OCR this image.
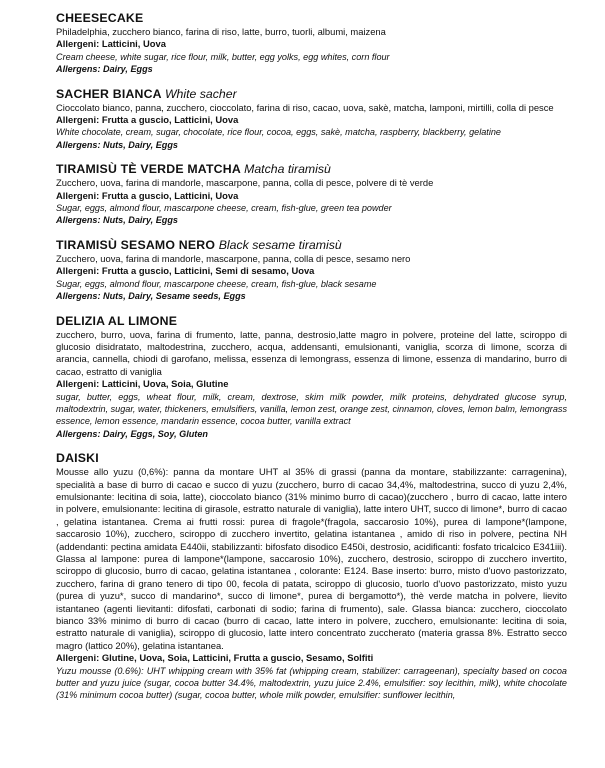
CHEESECAKE

Philadelphia, zucchero bianco, farina di riso, latte, burro, tuorli, albumi, maizena

Allergeni: Latticini, Uova

Cream cheese, white sugar, rice flour, milk, butter, egg yolks, egg whites, corn flour

Allergens: Dairy, Eggs

SACHER BIANCA White sacher

Cioccolato bianco, panna, zucchero, cioccolato, farina di riso, cacao, uova, sakè, matcha, lamponi, mirtilli, colla di pesce

Allergeni: Frutta a guscio, Latticini, Uova

White chocolate, cream, sugar, chocolate, rice flour, cocoa, eggs, sakè, matcha, raspberry, blackberry, gelatine

Allergens: Nuts, Dairy, Eggs

TIRAMISÙ TÈ VERDE MATCHA Matcha tiramisù

Zucchero, uova, farina di mandorle, mascarpone, panna, colla di pesce, polvere di tè verde

Allergeni: Frutta a guscio, Latticini, Uova

Sugar, eggs, almond flour, mascarpone cheese, cream, fish-glue, green tea powder

Allergens: Nuts, Dairy, Eggs

TIRAMISÙ SESAMO NERO Black sesame tiramisù

Zucchero, uova, farina di mandorle, mascarpone, panna, colla di pesce, sesamo nero

Allergeni: Frutta a guscio, Latticini, Semi di sesamo, Uova

Sugar, eggs, almond flour, mascarpone cheese, cream, fish-glue, black sesame

Allergens: Nuts, Dairy, Sesame seeds, Eggs

DELIZIA AL LIMONE

zucchero, burro, uova, farina di frumento, latte, panna, destrosio,latte magro in polvere, proteine del latte, sciroppo di glucosio disidratato, maltodestrina, zucchero, acqua, addensanti, emulsionanti, vaniglia, scorza di limone, scorza di arancia, cannella, chiodi di garofano, melissa, essenza di lemongrass, essenza di limone, essenza di mandarino, burro di cacao, estratto di vaniglia

Allergeni: Latticini, Uova, Soia, Glutine

sugar, butter, eggs, wheat flour, milk, cream, dextrose, skim milk powder, milk proteins, dehydrated glucose syrup, maltodextrin, sugar, water, thickeners, emulsifiers, vanilla, lemon zest, orange zest, cinnamon, cloves, lemon balm, lemongrass essence, lemon essence, mandarin essence, cocoa butter, vanilla extract

Allergens: Dairy, Eggs, Soy, Gluten

DAISKI

Mousse allo yuzu (0,6%): panna da montare UHT al 35% di grassi (panna da montare, stabilizzante: carragenina), specialità a base di burro di cacao e succo di yuzu (zucchero, burro di cacao 34,4%, maltodestrina, succo di yuzu 2,4%, emulsionante: lecitina di soia, latte), cioccolato bianco (31% minimo burro di cacao)(zucchero , burro di cacao, latte intero in polvere, emulsionante: lecitina di girasole, estratto naturale di vaniglia), latte intero UHT, succo di limone*, burro di cacao , gelatina istantanea. Crema ai frutti rossi: purea di fragole*(fragola, saccarosio 10%), purea di lampone*(lampone, saccarosio 10%), zucchero, sciroppo di zucchero invertito, gelatina istantanea , amido di riso in polvere, pectina NH (addendanti: pectina amidata E440ii, stabilizzanti: bifosfato disodico E450i, destrosio, acidificanti: fosfato tricalcico E341iii). Glassa al lampone: purea di lampone*(lampone, saccarosio 10%), zucchero, destrosio, sciroppo di zucchero invertito, sciroppo di glucosio, burro di cacao, gelatina istantanea , colorante: E124. Base inserto: burro, misto d'uovo pastorizzato, zucchero, farina di grano tenero di tipo 00, fecola di patata, sciroppo di glucosio, tuorlo d'uovo pastorizzato, misto yuzu (purea di yuzu*, succo di mandarino*, succo di limone*, purea di bergamotto*), thè verde matcha in polvere, lievito istantaneo (agenti lievitanti: difosfati, carbonati di sodio; farina di frumento), sale. Glassa bianca: zucchero, cioccolato bianco 33% minimo di burro di cacao (burro di cacao, latte intero in polvere, zucchero, emulsionante: lecitina di soia, estratto naturale di vaniglia), sciroppo di glucosio, latte intero concentrato zuccherato (materia grassa 8%. Estratto secco magro (lattico 20%), gelatina istantanea.

Allergeni: Glutine, Uova, Soia, Latticini, Frutta a guscio, Sesamo, Solfiti

Yuzu mousse (0.6%): UHT whipping cream with 35% fat (whipping cream, stabilizer: carrageenan), specialty based on cocoa butter and yuzu juice (sugar, cocoa butter 34.4%, maltodextrin, yuzu juice 2.4%, emulsifier: soy lecithin, milk), white chocolate (31% minimum cocoa butter) (sugar, cocoa butter, whole milk powder, emulsifier: sunflower lecithin,
